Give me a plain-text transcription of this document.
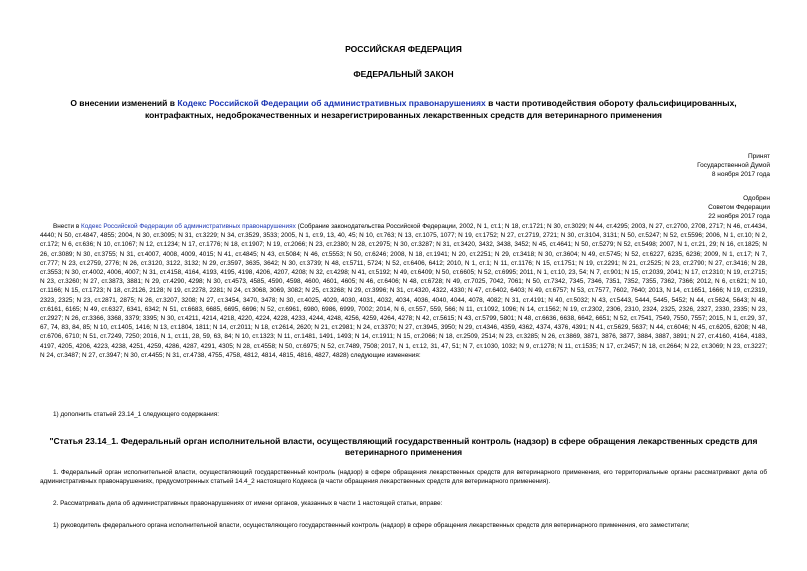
РОССИЙСКАЯ ФЕДЕРАЦИЯ
ФЕДЕРАЛЬНЫЙ ЗАКОН
О внесении изменений в Кодекс Российской Федерации об административных правонарушениях в части противодействия обороту фальсифицированных, контрафактных, недоброкачественных и незарегистрированных лекарственных средств для ветеринарного применения
Принят
Государственной Думой
8 ноября 2017 года
Одобрен
Советом Федерации
22 ноября 2017 года
Внести в Кодекс Российской Федерации об административных правонарушениях (Собрание законодательства Российской Федерации, 2002, N 1, ст.1; N 18, ст.1721; N 30, ст.3029; N 44, ст.4295; 2003, N 27, ст.2700, 2708, 2717; N 46, ст.4434, 4440; N 50, ст.4847, 4855; 2004, N 30, ст.3095; N 31, ст.3229; N 34, ст.3529, 3533; 2005, N 1, ст.9, 13, 40, 45; N 10, ст.763; N 13, ст.1075, 1077; N 19, ст.1752; N 27, ст.2719, 2721; N 30, ст.3104, 3131; N 50, ст.5247; N 52, ст.5596; 2006, N 1, ст.10; N 2, ст.172; N 6, ст.636; N 10, ст.1067; N 12, ст.1234; N 17, ст.1776; N 18, ст.1907; N 19, ст.2066; N 23, ст.2380; N 28, ст.2975; N 30, ст.3287; N 31, ст.3420, 3432, 3438, 3452; N 45, ст.4641; N 50, ст.5279; N 52, ст.5498; 2007, N 1, ст.21, 29; N 16, ст.1825; N 26, ст.3089; N 30, ст.3755; N 31, ст.4007, 4008, 4009, 4015; N 41, ст.4845; N 43, ст.5084; N 46, ст.5553; N 50, ст.6246; 2008, N 18, ст.1941; N 20, ст.2251; N 29, ст.3418; N 30, ст.3604; N 49, ст.5745; N 52, ст.6227, 6235, 6236; 2009, N 1, ст.17; N 7, ст.777; N 23, ст.2759, 2776; N 26, ст.3120, 3122, 3132; N 29, ст.3597, 3635, 3642; N 30, ст.3739; N 48, ст.5711, 5724; N 52, ст.6406, 6412; 2010, N 1, ст.1; N 11, ст.1176; N 15, ст.1751; N 19, ст.2291; N 21, ст.2525; N 23, ст.2790; N 27, ст.3416; N 28, ст.3553; N 30, ст.4002, 4006, 4007; N 31, ст.4158, 4164, 4193, 4195, 4198, 4206, 4207, 4208; N 32, ст.4298; N 41, ст.5192; N 49, ст.6409; N 50, ст.6605; N 52, ст.6995; 2011, N 1, ст.10, 23, 54; N 7, ст.901; N 15, ст.2039, 2041; N 17, ст.2310; N 19, ст.2715; N 23, ст.3260; N 27, ст.3873, 3881; N 29, ст.4290, 4298; N 30, ст.4573, 4585, 4590, 4598, 4600, 4601, 4605; N 46, ст.6406; N 48, ст.6728; N 49, ст.7025, 7042, 7061; N 50, ст.7342, 7345, 7346, 7351, 7352, 7355, 7362, 7366; 2012, N 6, ст.621; N 10, ст.1166; N 15, ст.1723; N 18, ст.2126, 2128; N 19, ст.2278, 2281; N 24, ст.3068, 3069, 3082; N 25, ст.3268; N 29, ст.3996; N 31, ст.4320, 4322, 4330; N 47, ст.6402, 6403; N 49, ст.6757; N 53, ст.7577, 7602, 7640; 2013, N 14, ст.1651, 1666; N 19, ст.2319, 2323, 2325; N 23, ст.2871, 2875; N 26, ст.3207, 3208; N 27, ст.3454, 3470, 3478; N 30, ст.4025, 4029, 4030, 4031, 4032, 4034, 4036, 4040, 4044, 4078, 4082; N 31, ст.4191; N 40, ст.5032; N 43, ст.5443, 5444, 5445, 5452; N 44, ст.5624, 5643; N 48, ст.6161, 6165; N 49, ст.6327, 6341, 6342; N 51, ст.6683, 6685, 6695, 6696; N 52, ст.6961, 6980, 6986, 6999, 7002; 2014, N 6, ст.557, 559, 566; N 11, ст.1092, 1096; N 14, ст.1562; N 19, ст.2302, 2306, 2310, 2324, 2325, 2326, 2327, 2330, 2335; N 23, ст.2927; N 26, ст.3366, 3368, 3379; 3395; N 30, ст.4211, 4214, 4218, 4220, 4224, 4228, 4233, 4244, 4248, 4256, 4259, 4264, 4278; N 42, ст.5615; N 43, ст.5799, 5801; N 48, ст.6636, 6638, 6642, 6651; N 52, ст.7541, 7549, 7550, 7557; 2015, N 1, ст.29, 37, 67, 74, 83, 84, 85; N 10, ст.1405, 1416; N 13, ст.1804, 1811; N 14, ст.2011; N 18, ст.2614, 2620; N 21, ст.2981; N 24, ст.3370; N 27, ст.3945, 3950; N 29, ст.4346, 4359, 4362, 4374, 4376, 4391; N 41, ст.5629, 5637; N 44, ст.6046; N 45, ст.6205, 6208; N 48, ст.6706, 6710; N 51, ст.7249, 7250; 2016, N 1, ст.11, 28, 59, 63, 84; N 10, ст.1323; N 11, ст.1481, 1491, 1493; N 14, ст.1911; N 15, ст.2066; N 18, ст.2509, 2514; N 23, ст.3285; N 26, ст.3869, 3871, 3876, 3877, 3884, 3887, 3891; N 27, ст.4160, 4164, 4183, 4197, 4205, 4206, 4223, 4238, 4251, 4259, 4286, 4287, 4291, 4305; N 28, ст.4558; N 50, ст.6975; N 52, ст.7489, 7508; 2017, N 1, ст.12, 31, 47, 51; N 7, ст.1030, 1032; N 9, ст.1278; N 11, ст.1535; N 17, ст.2457; N 18, ст.2664; N 22, ст.3069; N 23, ст.3227; N 24, ст.3487; N 27, ст.3947; N 30, ст.4455; N 31, ст.4738, 4755, 4758, 4812, 4814, 4815, 4816, 4827, 4828) следующие изменения:
1) дополнить статьей 23.14_1 следующего содержания:
"Статья 23.14_1. Федеральный орган исполнительной власти, осуществляющий государственный контроль (надзор) в сфере обращения лекарственных средств для ветеринарного применения
1. Федеральный орган исполнительной власти, осуществляющий государственный контроль (надзор) в сфере обращения лекарственных средств для ветеринарного применения, его территориальные органы рассматривают дела об административных правонарушениях, предусмотренных статьей 14.4_2 настоящего Кодекса (в части обращения лекарственных средств для ветеринарного применения).
2. Рассматривать дела об административных правонарушениях от имени органов, указанных в части 1 настоящей статьи, вправе:
1) руководитель федерального органа исполнительной власти, осуществляющего государственный контроль (надзор) в сфере обращения лекарственных средств для ветеринарного применения, его заместители;
